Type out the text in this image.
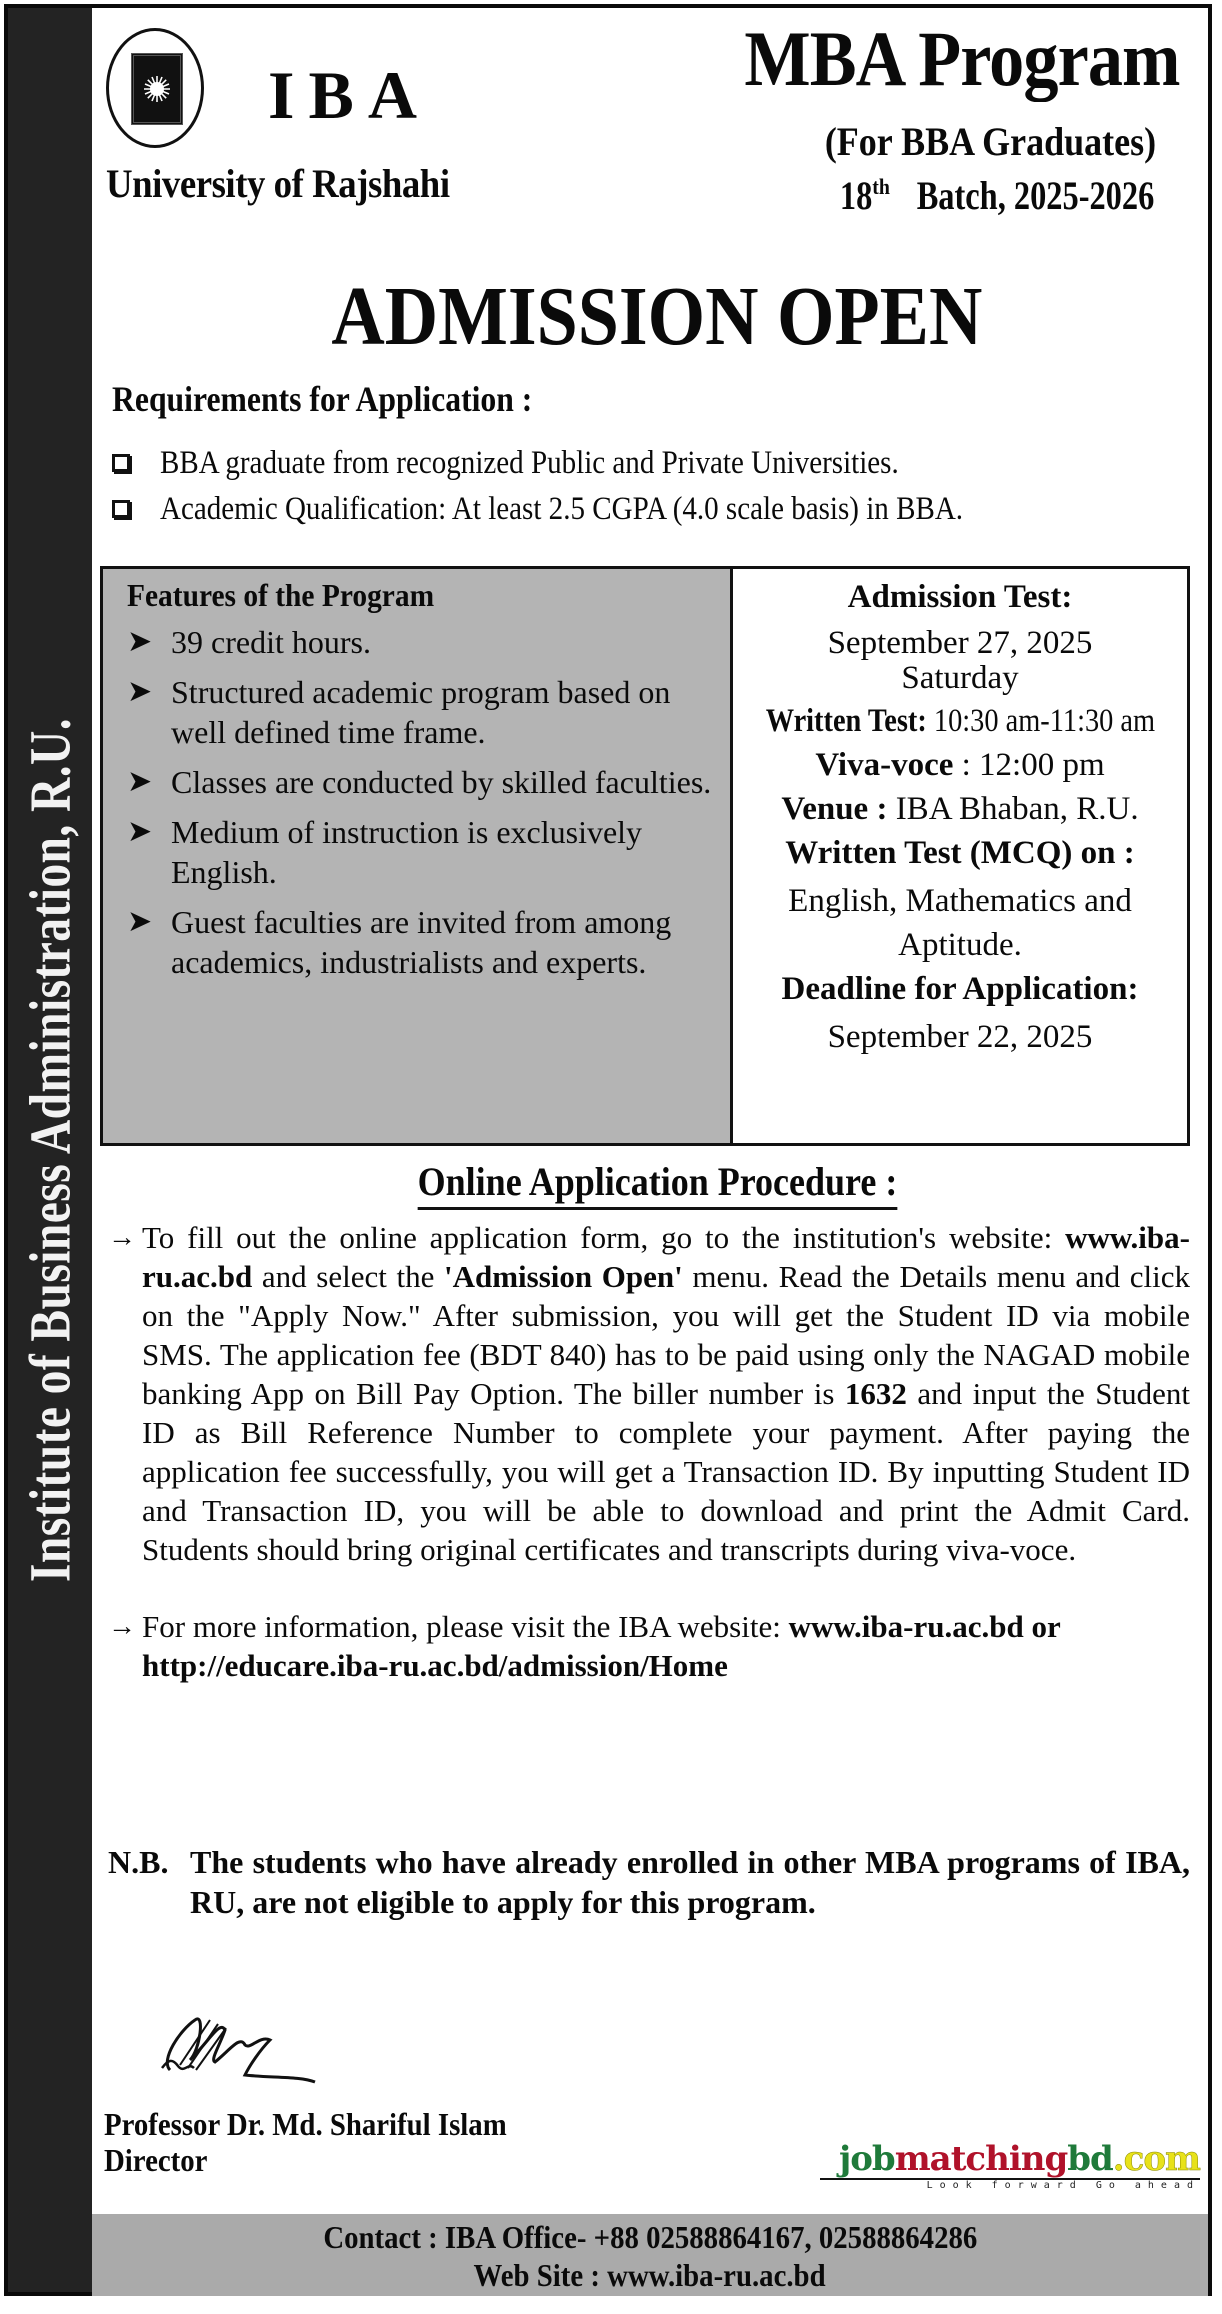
Institute of Business Administration, R.U.
IBA
University of Rajshahi
MBA Program
(For BBA Graduates)
18thBatch, 2025-2026
ADMISSION OPEN
Requirements for Application :
BBA graduate from recognized Public and Private Universities.
Academic Qualification: At least 2.5 CGPA (4.0 scale basis) in BBA.
Features of the Program
➤ 39 credit hours.
➤ Structured academic program based on well defined time frame.
➤ Classes are conducted by skilled faculties.
➤ Medium of instruction is exclusively English.
➤ Guest faculties are invited from among academics, industrialists and experts.
Admission Test:
September 27, 2025
Saturday
Written Test: 10:30 am-11:30 am
Viva-voce : 12:00 pm
Venue : IBA Bhaban, R.U.
Written Test (MCQ) on :
English, Mathematics and
Aptitude.
Deadline for Application:
September 22, 2025
Online Application Procedure :
→ To fill out the online application form, go to the institution's website: www.iba-ru.ac.bd and select the 'Admission Open' menu. Read the Details menu and click on the "Apply Now." After submission, you will get the Student ID via mobile SMS. The application fee (BDT 840) has to be paid using only the NAGAD mobile banking App on Bill Pay Option. The biller number is 1632 and input the Student ID as Bill Reference Number to complete your payment. After paying the application fee successfully, you will get a Transaction ID. By inputting Student ID and Transaction ID, you will be able to download and print the Admit Card. Students should bring original certificates and transcripts during viva-voce.
→ For more information, please visit the IBA website: www.iba-ru.ac.bd or http://educare.iba-ru.ac.bd/admission/Home
N.B. The students who have already enrolled in other MBA programs of IBA, RU, are not eligible to apply for this program.
Professor Dr. Md. Shariful Islam
Director	jobmatchingbd.com
Look forward Go ahead
Contact : IBA Office- +88 02588864167, 02588864286
Web Site : www.iba-ru.ac.bd
